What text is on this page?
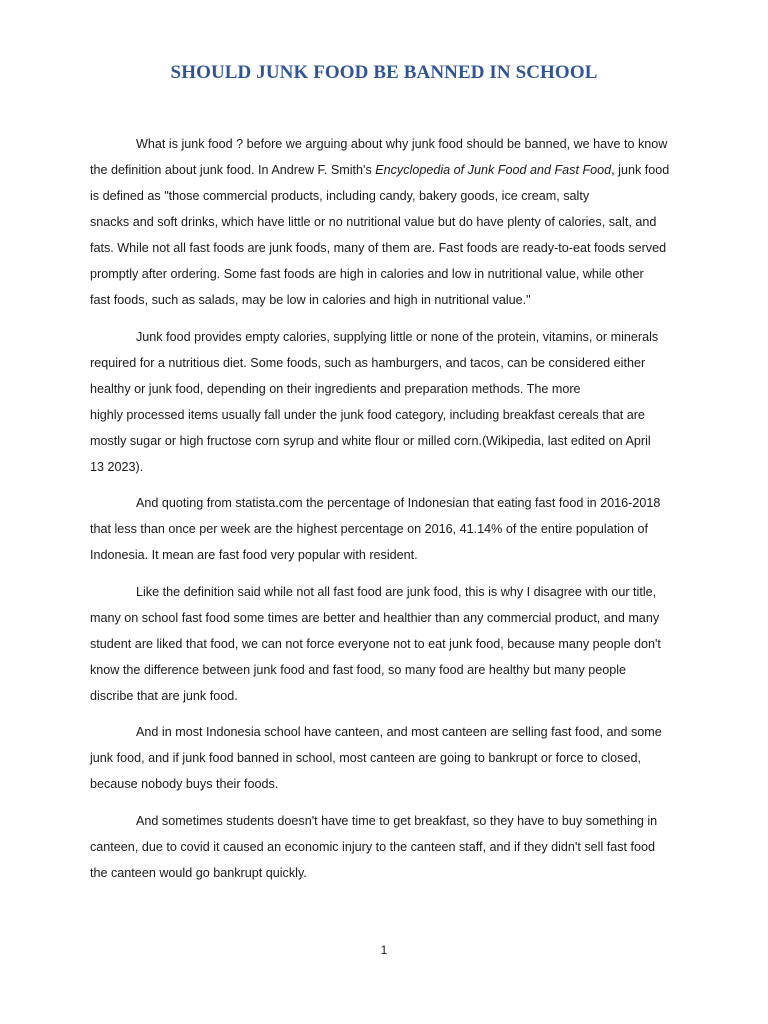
SHOULD JUNK FOOD BE BANNED IN SCHOOL

What is junk food ? before we arguing about why junk food should be banned, we have to know
the definition about junk food. In Andrew F. Smith's Encyclopedia of Junk Food and Fast Food, junk food
is defined as "those commercial products, including candy, bakery goods, ice cream, salty
snacks and soft drinks, which have little or no nutritional value but do have plenty of calories, salt, and
fats. While not all fast foods are junk foods, many of them are. Fast foods are ready-to-eat foods served
promptly after ordering. Some fast foods are high in calories and low in nutritional value, while other
fast foods, such as salads, may be low in calories and high in nutritional value."

Junk food provides empty calories, supplying little or none of the protein, vitamins, or minerals
required for a nutritious diet. Some foods, such as hamburgers, and tacos, can be considered either
healthy or junk food, depending on their ingredients and preparation methods. The more
highly processed items usually fall under the junk food category, including breakfast cereals that are
mostly sugar or high fructose corn syrup and white flour or milled corn.(Wikipedia, last edited on April
13 2023).

And quoting from statista.com the percentage of Indonesian that eating fast food in 2016-2018
that less than once per week are the highest percentage on 2016, 41.14% of the entire population of
Indonesia. It mean are fast food very popular with resident.

Like the definition said while not all fast food are junk food, this is why I disagree with our title,
many on school fast food some times are better and healthier than any commercial product, and many
student are liked that food, we can not force everyone not to eat junk food, because many people don't
know the difference between junk food and fast food, so many food are healthy but many people
discribe that are junk food.

And in most Indonesia school have canteen, and most canteen are selling fast food, and some
junk food, and if junk food banned in school, most canteen are going to bankrupt or force to closed,
because nobody buys their foods.

And sometimes students doesn't have time to get breakfast, so they have to buy something in
canteen, due to covid it caused an economic injury to the canteen staff, and if they didn't sell fast food
the canteen would go bankrupt quickly.

1
